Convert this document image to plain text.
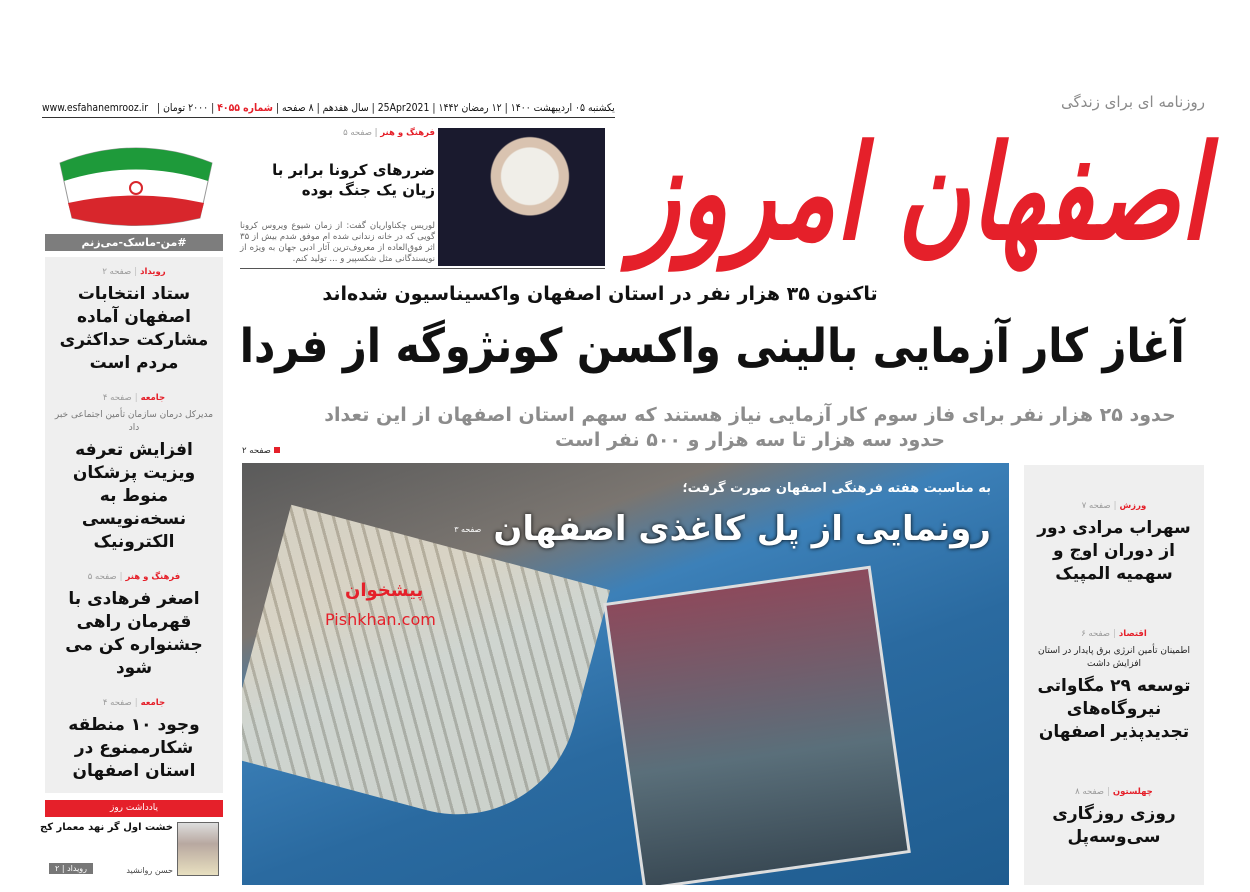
روزنامه ای برای زندگی
اصفهان امروز
یکشنبه ۰۵ اردیبهشت ۱۴۰۰ | ۱۲ رمضان ۱۴۴۲ | 25Apr2021 | سال هفدهم | ۸ صفحه | شماره ۴۰۵۵ | ۲۰۰۰ تومان |
www.esfahanemrooz.ir
#من-ماسک-می‌زنم
رویداد|صفحه ۲
ستاد انتخابات اصفهان آماده مشارکت حداکثری مردم است
جامعه|صفحه ۴
مدیرکل درمان سازمان تأمین اجتماعی خبر داد
افزایش تعرفه ویزیت پزشکان منوط به نسخه‌نویسی الکترونیک
فرهنگ و هنر|صفحه ۵
اصغر فرهادی با قهرمان راهی جشنواره کن می شود
جامعه|صفحه ۴
وجود ۱۰ منطقه شکارممنوع در استان اصفهان
یادداشت روز
خشت اول گر نهد معمار کج
حسن روانشید
رویداد | ۲
فرهنگ و هنر | صفحه ۵
ضررهای کرونا برابر با زیان یک جنگ بوده
لوریس چکناواریان گفت: از زمان شیوع ویروس کرونا گویی که در خانه زندانی شده ام موفق شدم بیش از ۳۵ اثر فوق‌العاده از معروف‌ترین آثار ادبی جهان به ویژه از نویسندگانی مثل شکسپیر و ... تولید کنم.
تاکنون ۳۵ هزار نفر در استان اصفهان واکسیناسیون شده‌اند
آغاز کار آزمایی بالینی واکسن کونژوگه از فردا
حدود ۲۵ هزار نفر برای فاز سوم کار آزمایی نیاز هستند که سهم استان اصفهان از این تعداد حدود سه هزار تا سه هزار و ۵۰۰ نفر است
صفحه ۲
به مناسبت هفته فرهنگی اصفهان صورت گرفت؛
رونمایی از پل کاغذی اصفهان
صفحه ۳
پیشخوان
Pishkhan.com
ورزش|صفحه ۷
سهراب مرادی دور از دوران اوج و سهمیه المپیک
اقتصاد|صفحه ۶
اطمینان تأمین انرژی برق پایدار در استان افزایش داشت
توسعه ۲۹ مگاواتی نیروگاه‌های تجدیدپذیر اصفهان
چهلستون|صفحه ۸
روزی روزگاری سی‌وسه‌پل
